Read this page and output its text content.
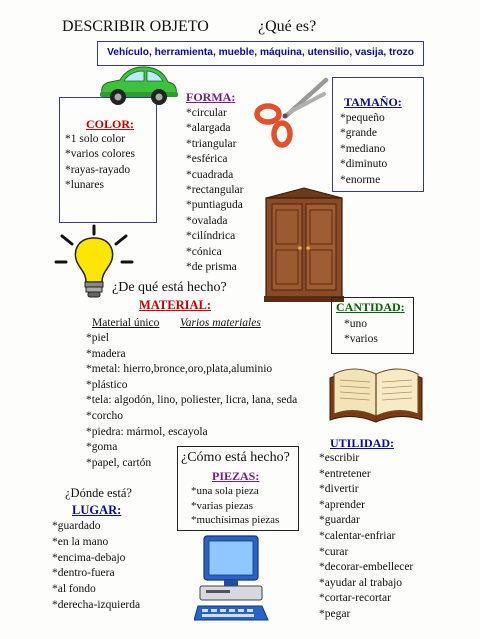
DESCRIBIR OBJETO	¿Qué es?
Vehículo, herramienta, mueble, máquina, utensilio, vasija, trozo
COLOR:
*1 solo color
*varios colores
*rayas-rayado
*lunares
FORMA:
*circular
*alargada
*triangular
*esférica
*cuadrada
*rectangular
*puntiaguda
*ovalada
*cilíndrica
*cónica
*de prisma
TAMAÑO:
*pequeño
*grande
*mediano
*diminuto
*enorme
¿De qué está hecho?
MATERIAL:
Material único Varios materiales
*piel
*madera
*metal: hierro,bronce,oro,plata,aluminio
*plástico
*tela: algodón, lino, poliester, licra, lana, seda
*corcho
*piedra: mármol, escayola
*goma
*papel, cartón
CANTIDAD:
*uno
*varios
UTILIDAD:
*escribir
*entretener
*divertir
*aprender
*guardar
*calentar-enfriar
*curar
*decorar-embellecer
*ayudar al trabajo
*cortar-recortar
*pegar
¿Cómo está hecho?
PIEZAS:
*una sola pieza
*varias piezas
*muchísimas piezas
¿Dónde está?
LUGAR:
*guardado
*en la mano
*encima-debajo
*dentro-fuera
*al fondo
*derecha-izquierda
